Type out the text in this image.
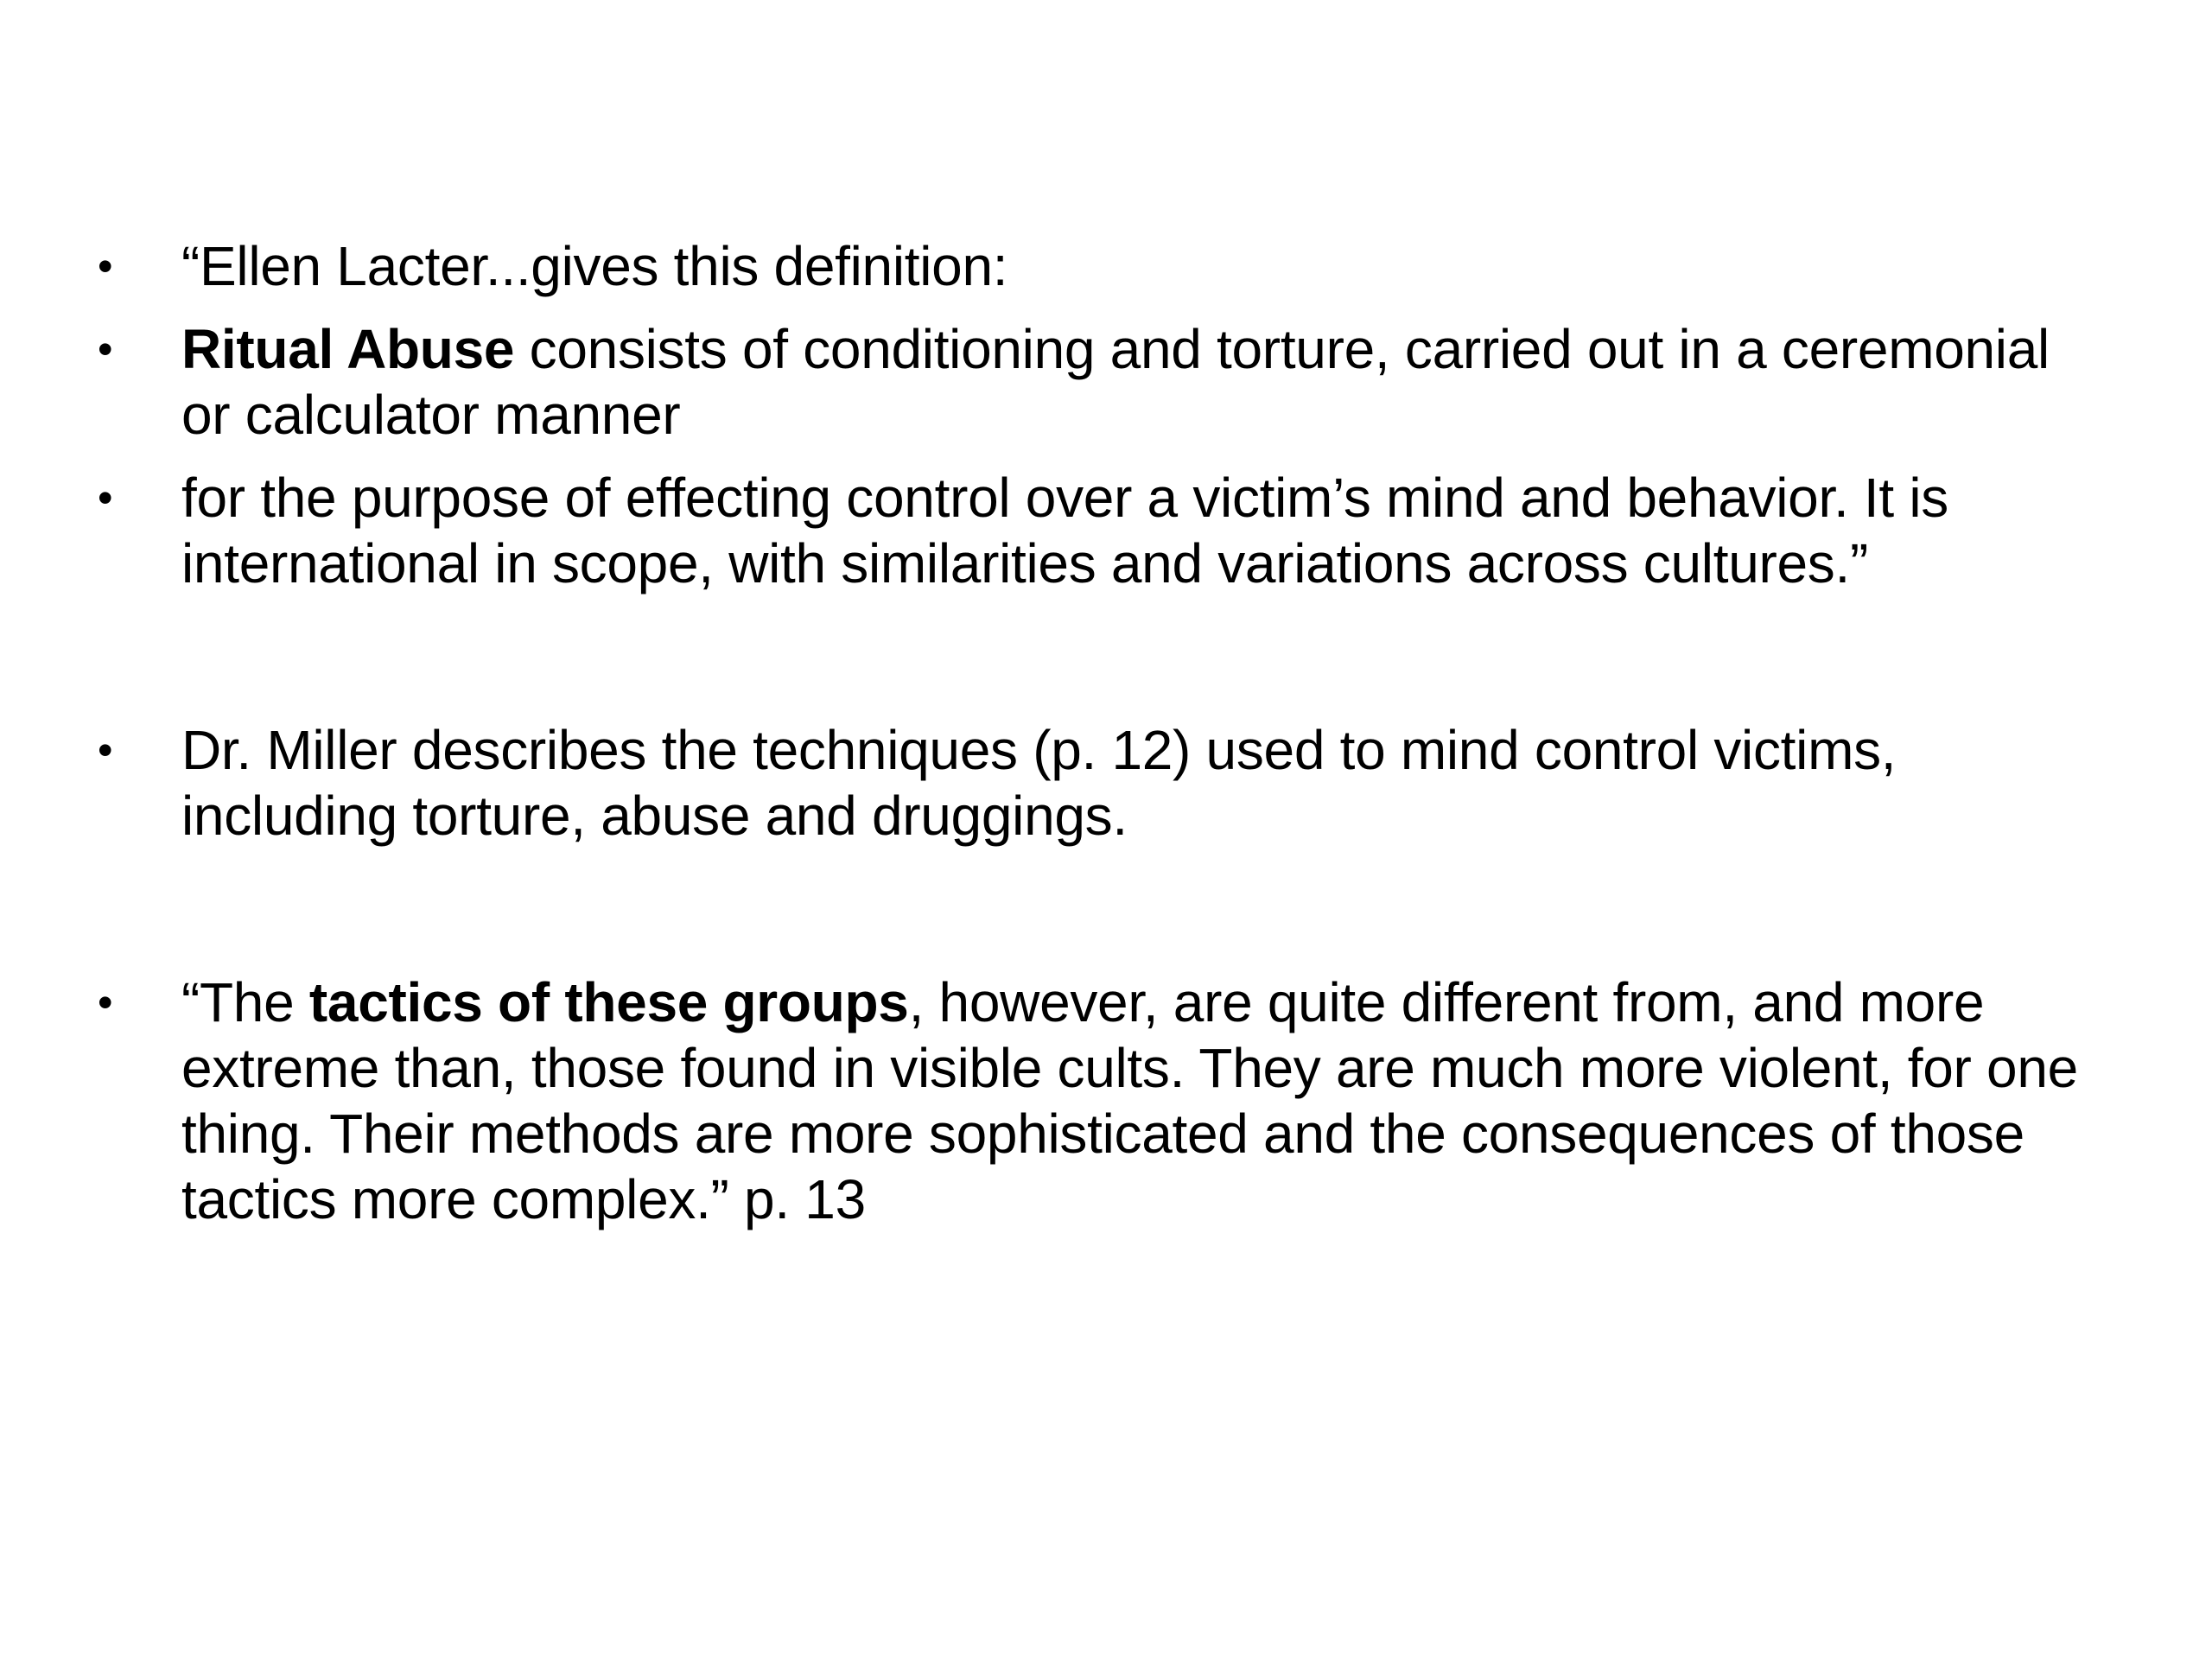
• “Ellen Lacter...gives this definition:
• Ritual Abuse consists of conditioning and torture, carried out in a ceremonial or calculator manner
• for the purpose of effecting control over a victim’s mind and behavior. It is international in scope, with similarities and variations across cultures.”
• Dr. Miller describes the techniques (p. 12) used to mind control victims, including torture, abuse and druggings.
• “The tactics of these groups, however, are quite different from, and more extreme than, those found in visible cults. They are much more violent, for one thing. Their methods are more sophisticated and the consequences of those tactics more complex.” p. 13
